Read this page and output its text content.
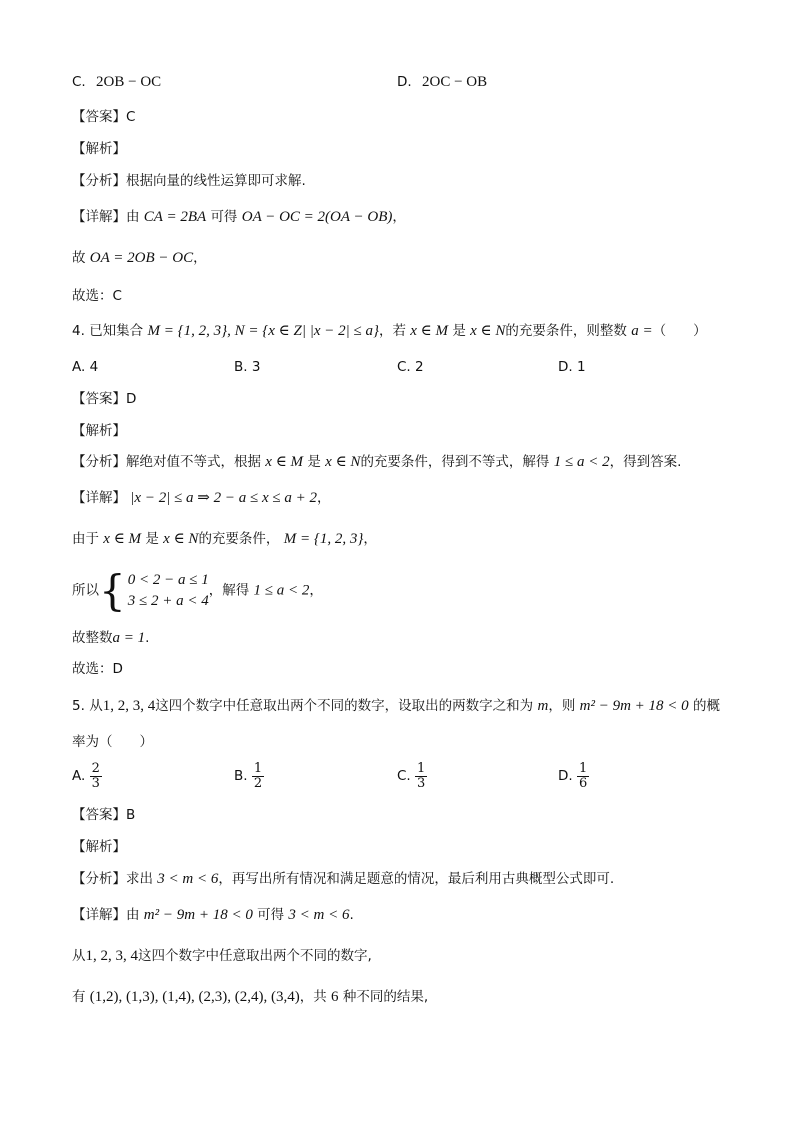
C. 2OB − OC	D. 2OC − OB
【答案】C
【解析】
【分析】根据向量的线性运算即可求解.
【详解】由 CA = 2BA 可得 OA − OC = 2(OA − OB)，
故 OA = 2OB − OC，
故选：C
4. 已知集合 M = {1, 2, 3}, N = {x ∈ Z| |x − 2| ≤ a}，若 x ∈ M 是 x ∈ N的充要条件，则整数 a =（　　）
A. 4	B. 3	C. 2	D. 1
【答案】D
【解析】
【分析】解绝对值不等式，根据 x ∈ M 是 x ∈ N的充要条件，得到不等式，解得 1 ≤ a < 2，得到答案.
【详解】 |x − 2| ≤ a ⇒ 2 − a ≤ x ≤ a + 2，
由于 x ∈ M 是 x ∈ N的充要条件， M = {1, 2, 3}，
所以 { 0 < 2 − a ≤ 1
3 ≤ 2 + a < 4
，解得 1 ≤ a < 2，
故整数a = 1.
故选：D
5. 从1, 2, 3, 4这四个数字中任意取出两个不同的数字，设取出的两数字之和为 m，则 m² − 9m + 18 < 0 的概
率为（　　）
A. $\frac{2}{3}$	B. $\frac{1}{2}$	C. $\frac{1}{3}$	D. $\frac{1}{6}$
【答案】B
【解析】
【分析】求出 3 < m < 6，再写出所有情况和满足题意的情况，最后利用古典概型公式即可.
【详解】由 m² − 9m + 18 < 0 可得 3 < m < 6.
从1, 2, 3, 4这四个数字中任意取出两个不同的数字,
有 (1,2), (1,3), (1,4), (2,3), (2,4), (3,4)，共 6 种不同的结果,
